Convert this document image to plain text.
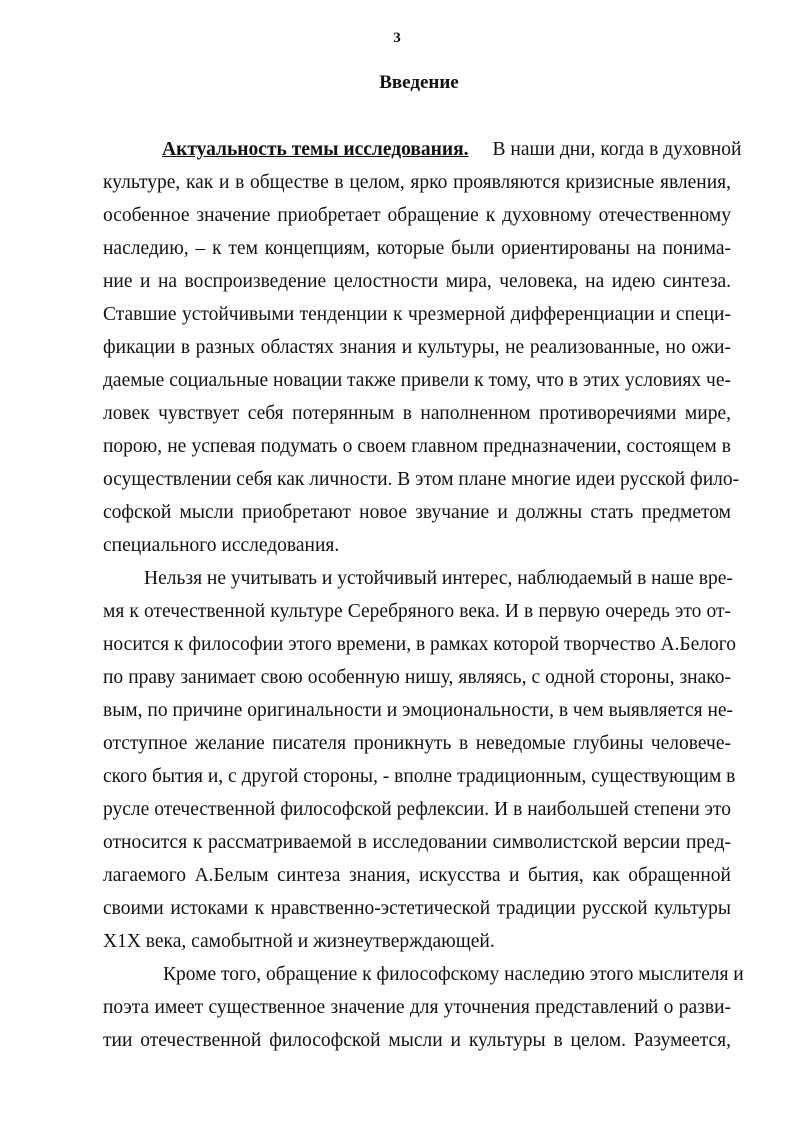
3
Введение
Актуальность темы исследования. В наши дни, когда в духовной
культуре, как и в обществе в целом, ярко проявляются кризисные явления,
особенное значение приобретает обращение к духовному отечественному
наследию, – к тем концепциям, которые были ориентированы на понима-
ние и на воспроизведение целостности мира, человека, на идею синтеза.
Ставшие устойчивыми тенденции к чрезмерной дифференциации и специ-
фикации в разных областях знания и культуры, не реализованные, но ожи-
даемые социальные новации также привели к тому, что в этих условиях че-
ловек чувствует себя потерянным в наполненном противоречиями мире,
порою, не успевая подумать о своем главном предназначении, состоящем в
осуществлении себя как личности. В этом плане многие идеи русской фило-
софской мысли приобретают новое звучание и должны стать предметом
специального исследования.
Нельзя не учитывать и устойчивый интерес, наблюдаемый в наше вре-
мя к отечественной культуре Серебряного века. И в первую очередь это от-
носится к философии этого времени, в рамках которой творчество А.Белого
по праву занимает свою особенную нишу, являясь, с одной стороны, знако-
вым, по причине оригинальности и эмоциональности, в чем выявляется не-
отступное желание писателя проникнуть в неведомые глубины человече-
ского бытия и, с другой стороны, - вполне традиционным, существующим в
русле отечественной философской рефлексии. И в наибольшей степени это
относится к рассматриваемой в исследовании символистской версии пред-
лагаемого А.Белым синтеза знания, искусства и бытия, как обращенной
своими истоками к нравственно-эстетической традиции русской культуры
Х1Х века, самобытной и жизнеутверждающей.
Кроме того, обращение к философскому наследию этого мыслителя и
поэта имеет существенное значение для уточнения представлений о разви-
тии отечественной философской мысли и культуры в целом. Разумеется,
